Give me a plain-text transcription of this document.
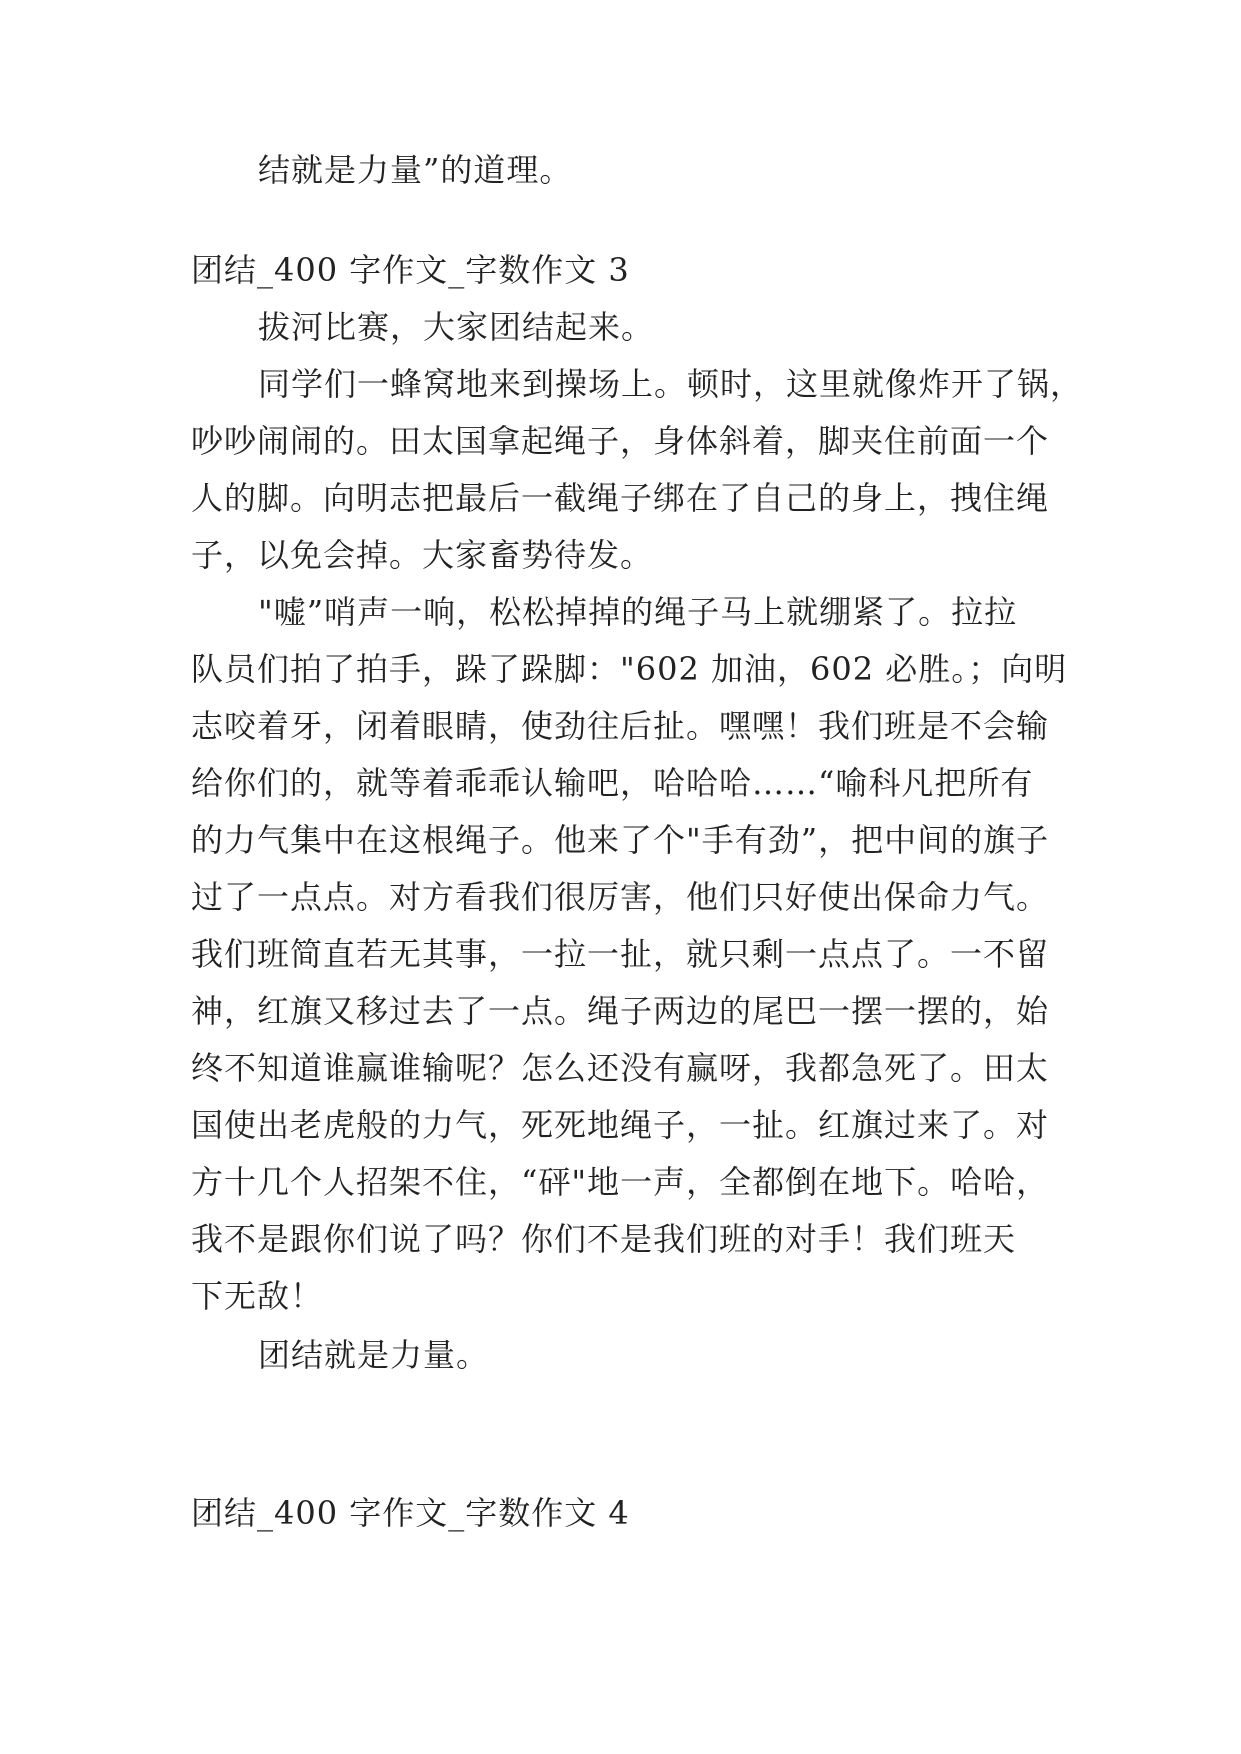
结就是力量”的道理。
团结_400 字作文_字数作文 3
拔河比赛，大家团结起来。
同学们一蜂窝地来到操场上。顿时，这里就像炸开了锅，
吵吵闹闹的。田太国拿起绳子，身体斜着，脚夹住前面一个
人的脚。向明志把最后一截绳子绑在了自己的身上，拽住绳
子，以免会掉。大家畜势待发。
"嘘”哨声一响，松松掉掉的绳子马上就绷紧了。拉拉
队员们拍了拍手，跺了跺脚："602 加油，602 必胜。；向明
志咬着牙，闭着眼睛，使劲往后扯。嘿嘿！我们班是不会输
给你们的，就等着乖乖认输吧，哈哈哈……“喻科凡把所有
的力气集中在这根绳子。他来了个"手有劲”，把中间的旗子
过了一点点。对方看我们很厉害，他们只好使出保命力气。
我们班简直若无其事，一拉一扯，就只剩一点点了。一不留
神，红旗又移过去了一点。绳子两边的尾巴一摆一摆的，始
终不知道谁赢谁输呢？怎么还没有赢呀，我都急死了。田太
国使出老虎般的力气，死死地绳子，一扯。红旗过来了。对
方十几个人招架不住，“砰"地一声，全都倒在地下。哈哈，
我不是跟你们说了吗？你们不是我们班的对手！我们班天
下无敌！
团结就是力量。
团结_400 字作文_字数作文 4
